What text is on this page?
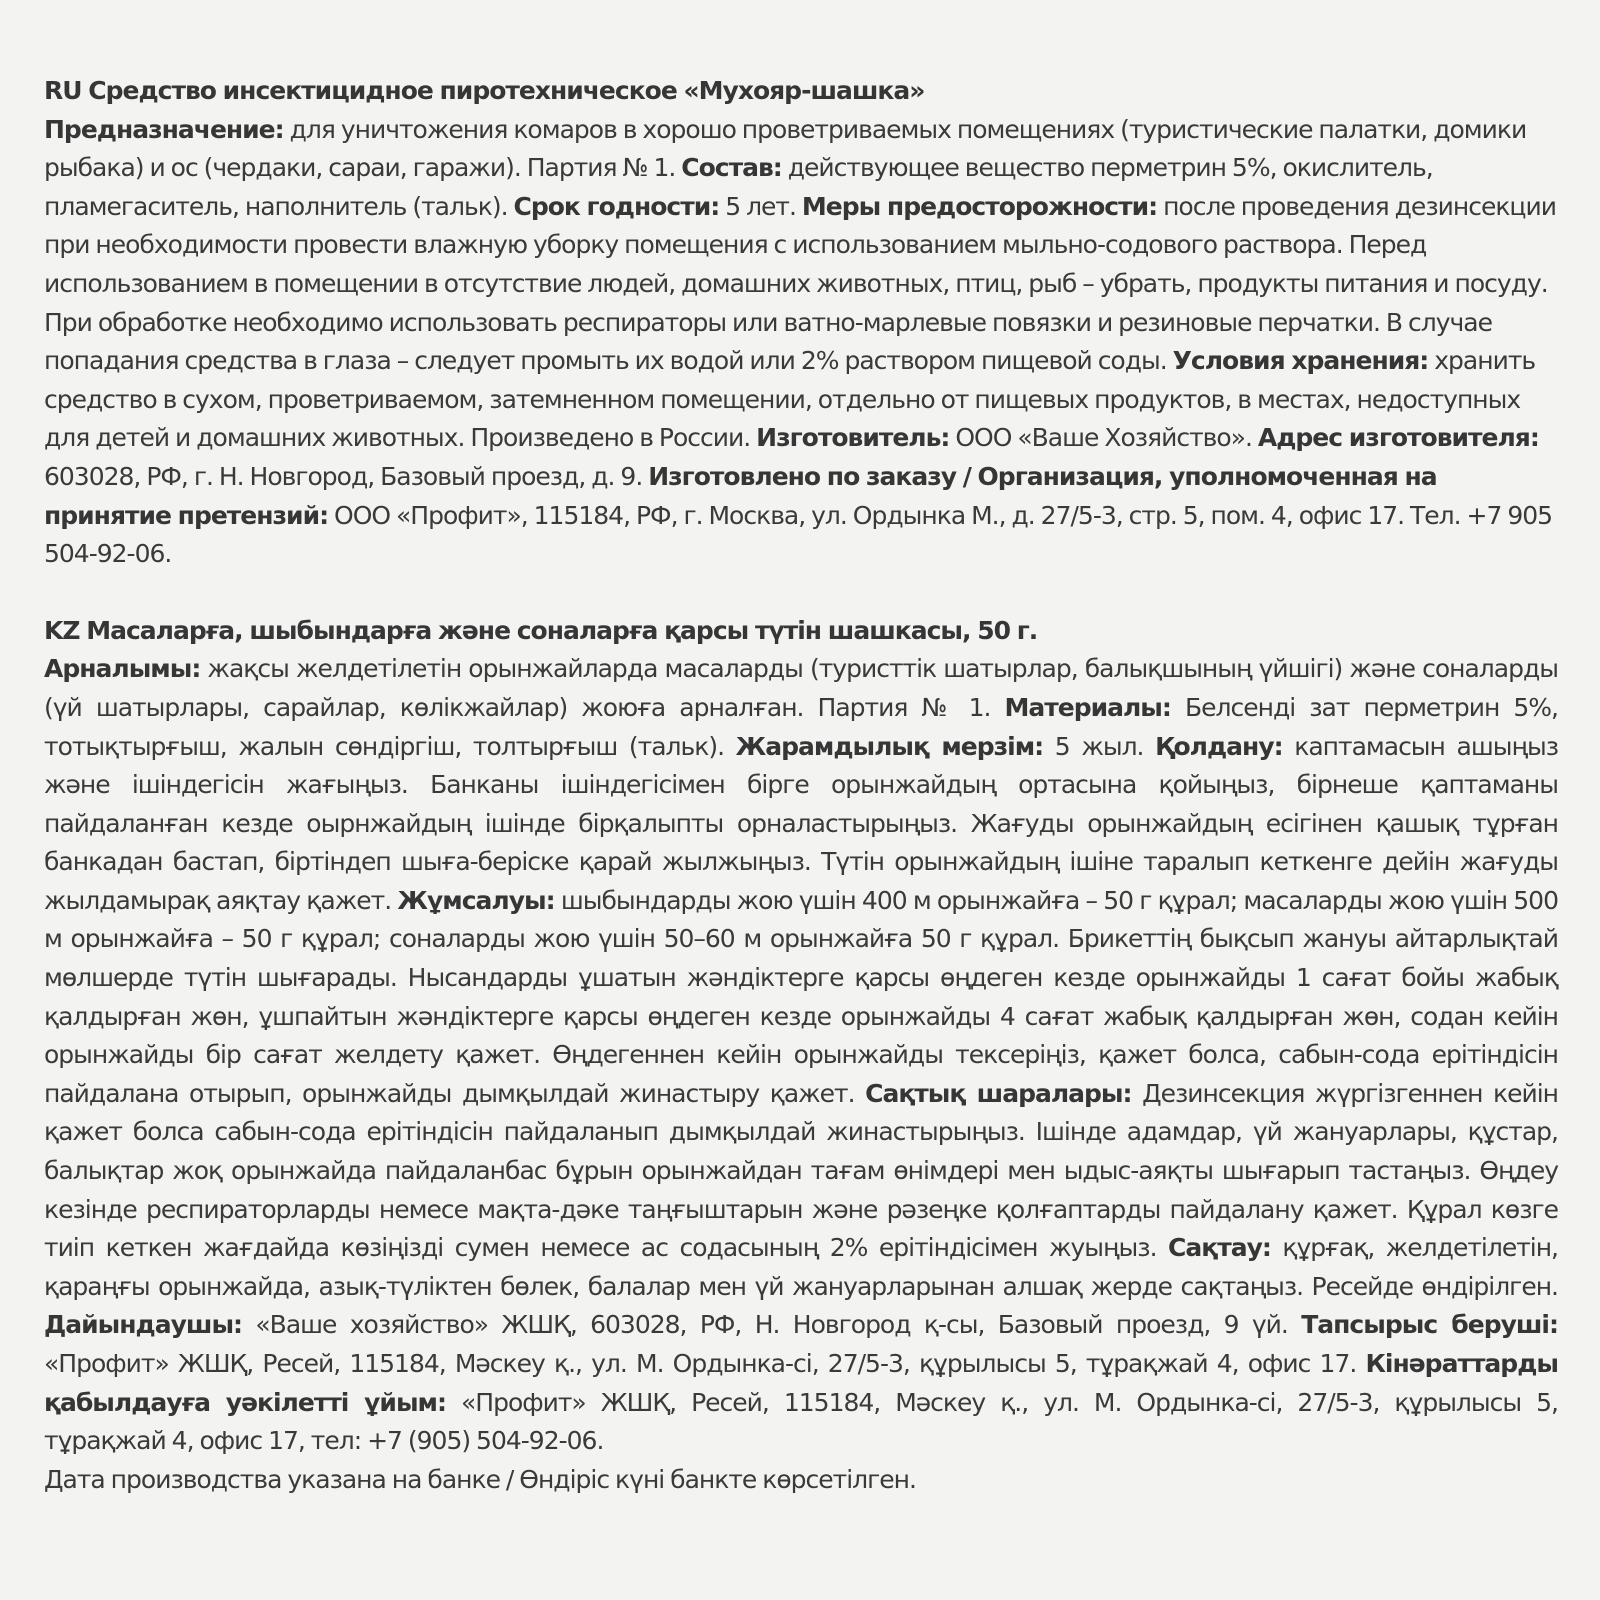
RU Средство инсектицидное пиротехническое «Мухояр-шашка»

Предназначение: для уничтожения комаров в хорошо проветриваемых помещениях (туристические палатки, домики рыбака) и ос (чердаки, сараи, гаражи). Партия № 1. Состав: действующее вещество перметрин 5%, окислитель, пламегаситель, наполнитель (тальк). Срок годности: 5 лет. Меры предосторожности: после проведения дезинсекции при необходимости провести влажную уборку помещения с использованием мыльно-содового раствора. Перед использованием в помещении в отсутствие людей, домашних животных, птиц, рыб – убрать, продукты питания и посуду. При обработке необходимо использовать респираторы или ватно-марлевые повязки и резиновые перчатки. В случае попадания средства в глаза – следует промыть их водой или 2% раствором пищевой соды. Условия хранения: хранить средство в сухом, проветриваемом, затемненном помещении, отдельно от пищевых продуктов, в местах, недоступных для детей и домашних животных. Произведено в России. Изготовитель: ООО «Ваше Хозяйство». Адрес изготовителя: 603028, РФ, г. Н. Новгород, Базовый проезд, д. 9. Изготовлено по заказу / Организация, уполномоченная на принятие претензий: ООО «Профит», 115184, РФ, г. Москва, ул. Ордынка М., д. 27/5-3, стр. 5, пом. 4, офис 17. Тел. +7 905 504-92-06.

KZ Масаларға, шыбындарға және соналарға қарсы түтін шашкасы, 50 г.

Арналымы: жақсы желдетілетін орынжайларда масаларды (туристтік шатырлар, балықшының үйшігі) және соналарды (үй шатырлары, сарайлар, көлікжайлар) жоюға арналған. Партия № 1. Материалы: Белсенді зат перметрин 5%, тотықтырғыш, жалын сөндіргіш, толтырғыш (тальк). Жарамдылық мерзім: 5 жыл. Қолдану: каптамасын ашыңыз және ішіндегісін жағыңыз. Банканы ішіндегісімен бірге орынжайдың ортасына қойыңыз, бірнеше қаптаманы пайдаланған кезде оырнжайдың ішінде бірқалыпты орналастырыңыз. Жағуды орынжайдың есігінен қашық тұрған банкадан бастап, біртіндеп шыға-беріске қарай жылжыңыз. Түтін орынжайдың ішіне таралып кеткенге дейін жағуды жылдамырақ аяқтау қажет. Жұмсалуы: шыбындарды жою үшін 400 м орынжайға – 50 г құрал; масаларды жою үшін 500 м орынжайға – 50 г құрал; соналарды жою үшін 50–60 м орынжайға 50 г құрал. Брикеттің бықсып жануы айтарлықтай мөлшерде түтін шығарады. Нысандарды ұшатын жәндіктерге қарсы өңдеген кезде орынжайды 1 сағат бойы жабық қалдырған жөн, ұшпайтын жәндіктерге қарсы өңдеген кезде орынжайды 4 сағат жабық қалдырған жөн, содан кейін орынжайды бір сағат желдету қажет. Өңдегеннен кейін орынжайды тексеріңіз, қажет болса, сабын-сода ерітіндісін пайдалана отырып, орынжайды дымқылдай жинастыру қажет. Сақтық шаралары: Дезинсекция жүргізгеннен кейін қажет болса сабын-сода ерітіндісін пайдаланып дымқылдай жинастырыңыз. Ішінде адамдар, үй жануарлары, құстар, балықтар жоқ орынжайда пайдаланбас бұрын орынжайдан тағам өнімдері мен ыдыс-аяқты шығарып тастаңыз. Өңдеу кезінде респираторларды немесе мақта-дәке таңғыштарын және рәзеңке қолғаптарды пайдалану қажет. Құрал көзге тиіп кеткен жағдайда көзіңізді сумен немесе ас содасының 2% ерітіндісімен жуыңыз. Сақтау: құрғақ, желдетілетін, қараңғы орынжайда, азық-түліктен бөлек, балалар мен үй жануарларынан алшақ жерде сақтаңыз. Ресейде өндірілген. Дайындаушы: «Ваше хозяйство» ЖШҚ, 603028, РФ, Н. Новгород қ-сы, Базовый проезд, 9 үй. Тапсырыс беруші: «Профит» ЖШҚ, Ресей, 115184, Мәскеу қ., ул. М. Ордынка-сі, 27/5-3, құрылысы 5, тұрақжай 4, офис 17. Кінәраттарды қабылдауға уәкілетті ұйым: «Профит» ЖШҚ, Ресей, 115184, Мәскеу қ., ул. М. Ордынка-сі, 27/5-3, құрылысы 5, тұрақжай 4, офис 17, тел: +7 (905) 504-92-06.

Дата производства указана на банке / Өндіріс күні банкте көрсетілген.
